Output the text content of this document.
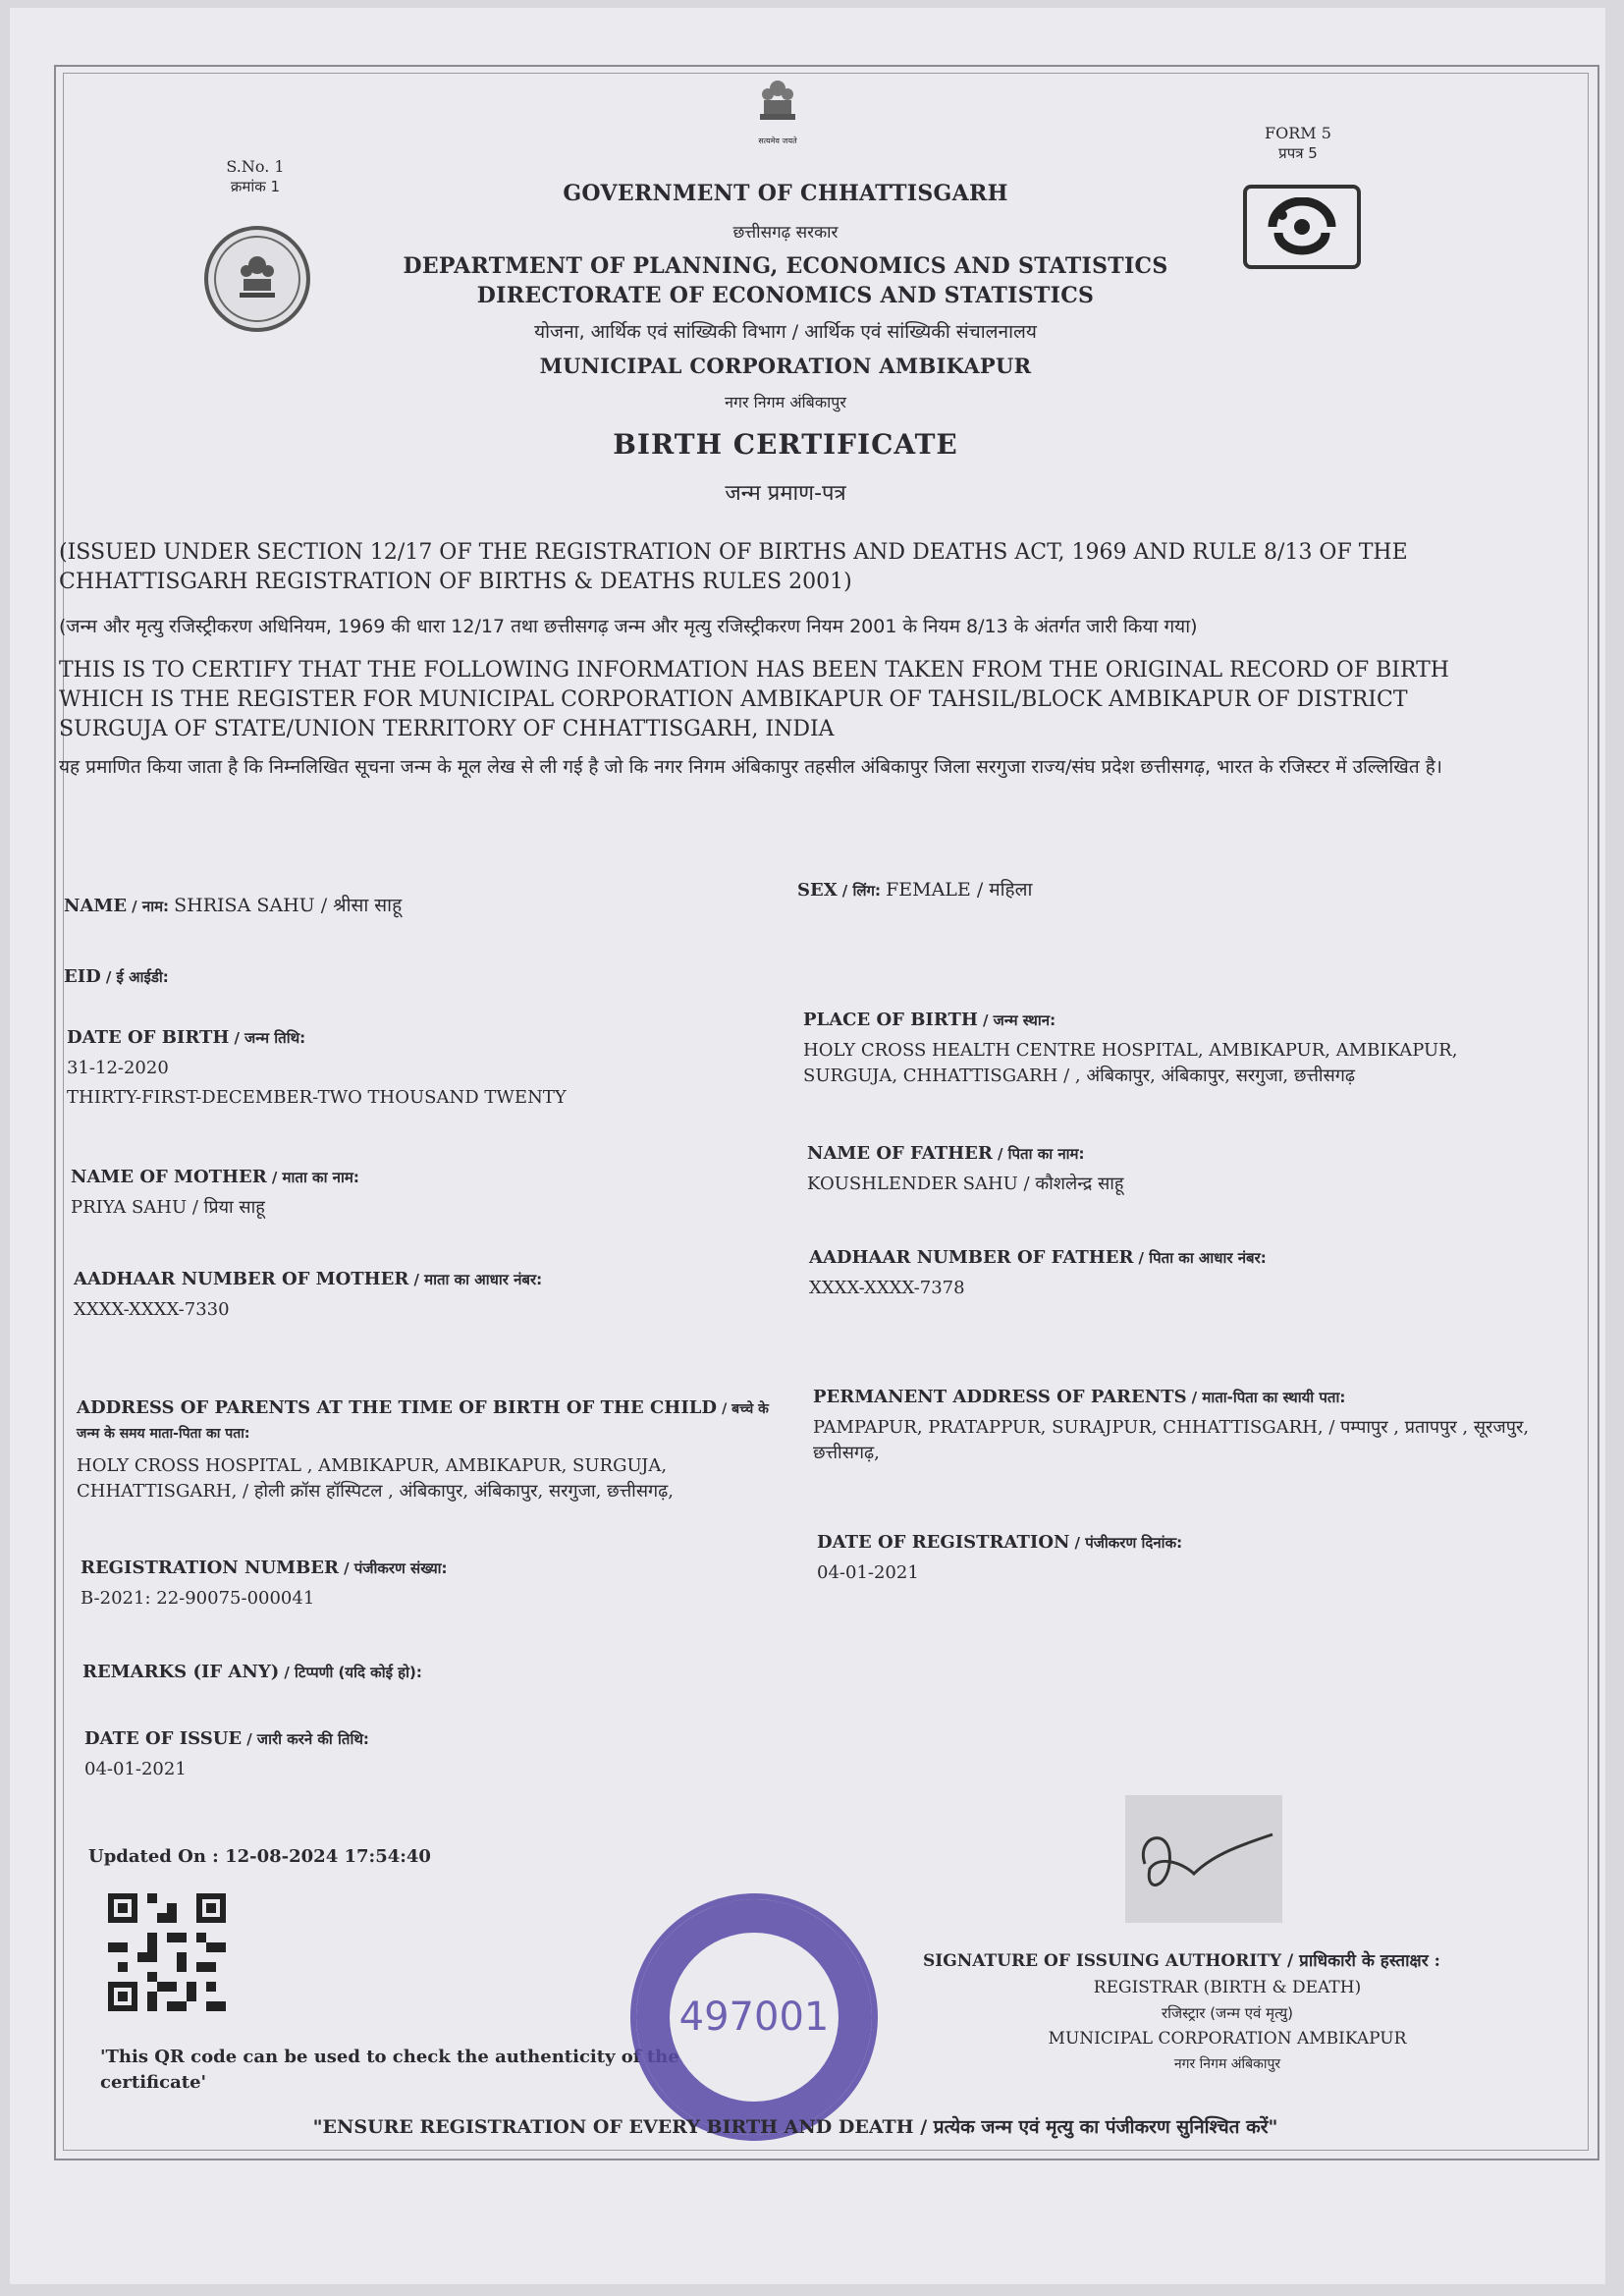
सत्यमेव जयते
S.No. 1
क्रमांक 1
FORM 5
प्रपत्र 5
GOVERNMENT OF CHHATTISGARH
छत्तीसगढ़ सरकार
DEPARTMENT OF PLANNING, ECONOMICS AND STATISTICS
DIRECTORATE OF ECONOMICS AND STATISTICS
योजना, आर्थिक एवं सांख्यिकी विभाग / आर्थिक एवं सांख्यिकी संचालनालय
MUNICIPAL CORPORATION AMBIKAPUR
नगर निगम अंबिकापुर
BIRTH CERTIFICATE
जन्म प्रमाण-पत्र
(ISSUED UNDER SECTION 12/17 OF THE REGISTRATION OF BIRTHS AND DEATHS ACT, 1969 AND RULE 8/13 OF THE CHHATTISGARH REGISTRATION OF BIRTHS & DEATHS RULES 2001)
(जन्म और मृत्यु रजिस्ट्रीकरण अधिनियम, 1969 की धारा 12/17 तथा छत्तीसगढ़ जन्म और मृत्यु रजिस्ट्रीकरण नियम 2001 के नियम 8/13 के अंतर्गत जारी किया गया)
THIS IS TO CERTIFY THAT THE FOLLOWING INFORMATION HAS BEEN TAKEN FROM THE ORIGINAL RECORD OF BIRTH WHICH IS THE REGISTER FOR MUNICIPAL CORPORATION AMBIKAPUR OF TAHSIL/BLOCK AMBIKAPUR OF DISTRICT SURGUJA OF STATE/UNION TERRITORY OF CHHATTISGARH, INDIA
यह प्रमाणित किया जाता है कि निम्नलिखित सूचना जन्म के मूल लेख से ली गई है जो कि नगर निगम अंबिकापुर तहसील अंबिकापुर जिला सरगुजा राज्य/संघ प्रदेश छत्तीसगढ़, भारत के रजिस्टर में उल्लिखित है।
NAME / नाम: SHRISA SAHU / श्रीसा साहू
EID / ई आईडी:
DATE OF BIRTH / जन्म तिथि:
31-12-2020
THIRTY-FIRST-DECEMBER-TWO THOUSAND TWENTY
NAME OF MOTHER / माता का नाम:
PRIYA SAHU / प्रिया साहू
AADHAAR NUMBER OF MOTHER / माता का आधार नंबर:
XXXX-XXXX-7330
ADDRESS OF PARENTS AT THE TIME OF BIRTH OF THE CHILD / बच्चे के जन्म के समय माता-पिता का पता:
HOLY CROSS HOSPITAL , AMBIKAPUR, AMBIKAPUR, SURGUJA, CHHATTISGARH, / होली क्रॉस हॉस्पिटल , अंबिकापुर, अंबिकापुर, सरगुजा, छत्तीसगढ़,
REGISTRATION NUMBER / पंजीकरण संख्या:
B-2021: 22-90075-000041
REMARKS (IF ANY) / टिप्पणी (यदि कोई हो):
DATE OF ISSUE / जारी करने की तिथि:
04-01-2021
SEX / लिंग: FEMALE / महिला
PLACE OF BIRTH / जन्म स्थान:
HOLY CROSS HEALTH CENTRE HOSPITAL, AMBIKAPUR, AMBIKAPUR, SURGUJA, CHHATTISGARH / , अंबिकापुर, अंबिकापुर, सरगुजा, छत्तीसगढ़
NAME OF FATHER / पिता का नाम:
KOUSHLENDER SAHU / कौशलेन्द्र साहू
AADHAAR NUMBER OF FATHER / पिता का आधार नंबर:
XXXX-XXXX-7378
PERMANENT ADDRESS OF PARENTS / माता-पिता का स्थायी पता:
PAMPAPUR, PRATAPPUR, SURAJPUR, CHHATTISGARH, / पम्पापुर , प्रतापपुर , सूरजपुर, छत्तीसगढ़,
DATE OF REGISTRATION / पंजीकरण दिनांक:
04-01-2021
Updated On : 12-08-2024 17:54:40
'This QR code can be used to check the authenticity of the certificate'
497001
SIGNATURE OF ISSUING AUTHORITY / प्राधिकारी के हस्ताक्षर :
REGISTRAR (BIRTH & DEATH)
रजिस्ट्रार (जन्म एवं मृत्यु)
MUNICIPAL CORPORATION AMBIKAPUR
नगर निगम अंबिकापुर
"ENSURE REGISTRATION OF EVERY BIRTH AND DEATH / प्रत्येक जन्म एवं मृत्यु का पंजीकरण सुनिश्चित करें"
